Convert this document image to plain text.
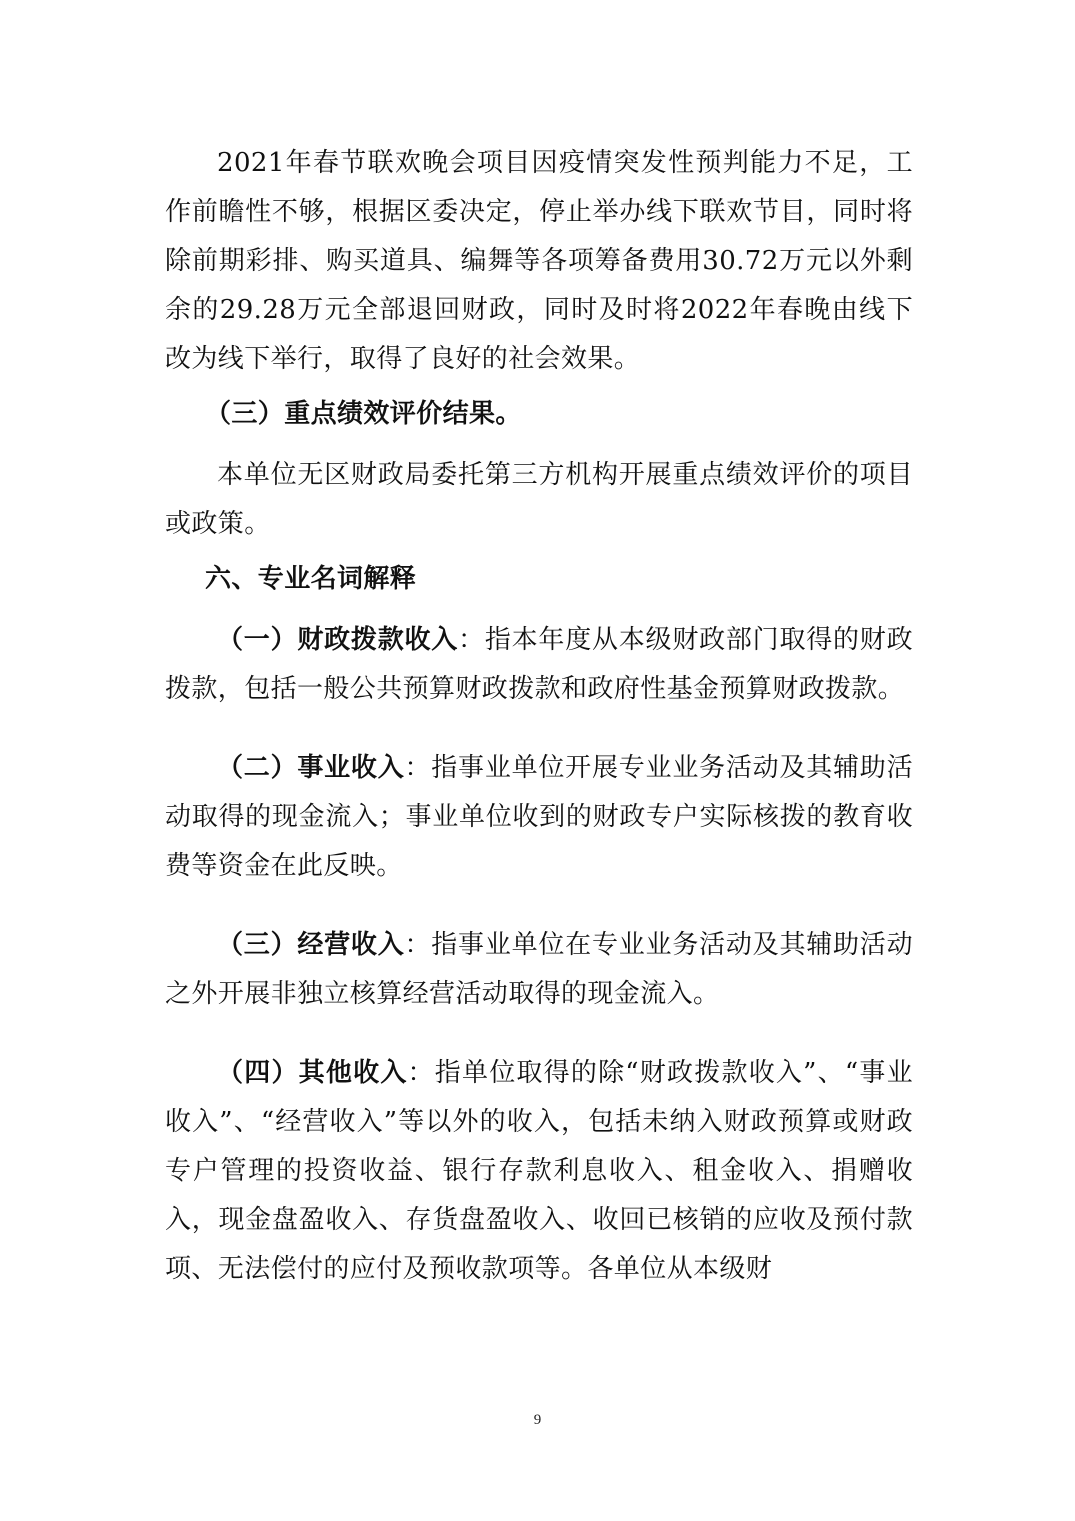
2021年春节联欢晚会项目因疫情突发性预判能力不足，工作前瞻性不够，根据区委决定，停止举办线下联欢节目，同时将除前期彩排、购买道具、编舞等各项筹备费用30.72万元以外剩余的29.28万元全部退回财政，同时及时将2022年春晚由线下改为线下举行，取得了良好的社会效果。

（三）重点绩效评价结果。

本单位无区财政局委托第三方机构开展重点绩效评价的项目或政策。

六、专业名词解释

（一）财政拨款收入：指本年度从本级财政部门取得的财政拨款，包括一般公共预算财政拨款和政府性基金预算财政拨款。

（二）事业收入：指事业单位开展专业业务活动及其辅助活动取得的现金流入；事业单位收到的财政专户实际核拨的教育收费等资金在此反映。

（三）经营收入：指事业单位在专业业务活动及其辅助活动之外开展非独立核算经营活动取得的现金流入。

（四）其他收入：指单位取得的除“财政拨款收入”、“事业收入”、“经营收入”等以外的收入，包括未纳入财政预算或财政专户管理的投资收益、银行存款利息收入、租金收入、捐赠收入，现金盘盈收入、存货盘盈收入、收回已核销的应收及预付款项、无法偿付的应付及预收款项等。各单位从本级财

9
